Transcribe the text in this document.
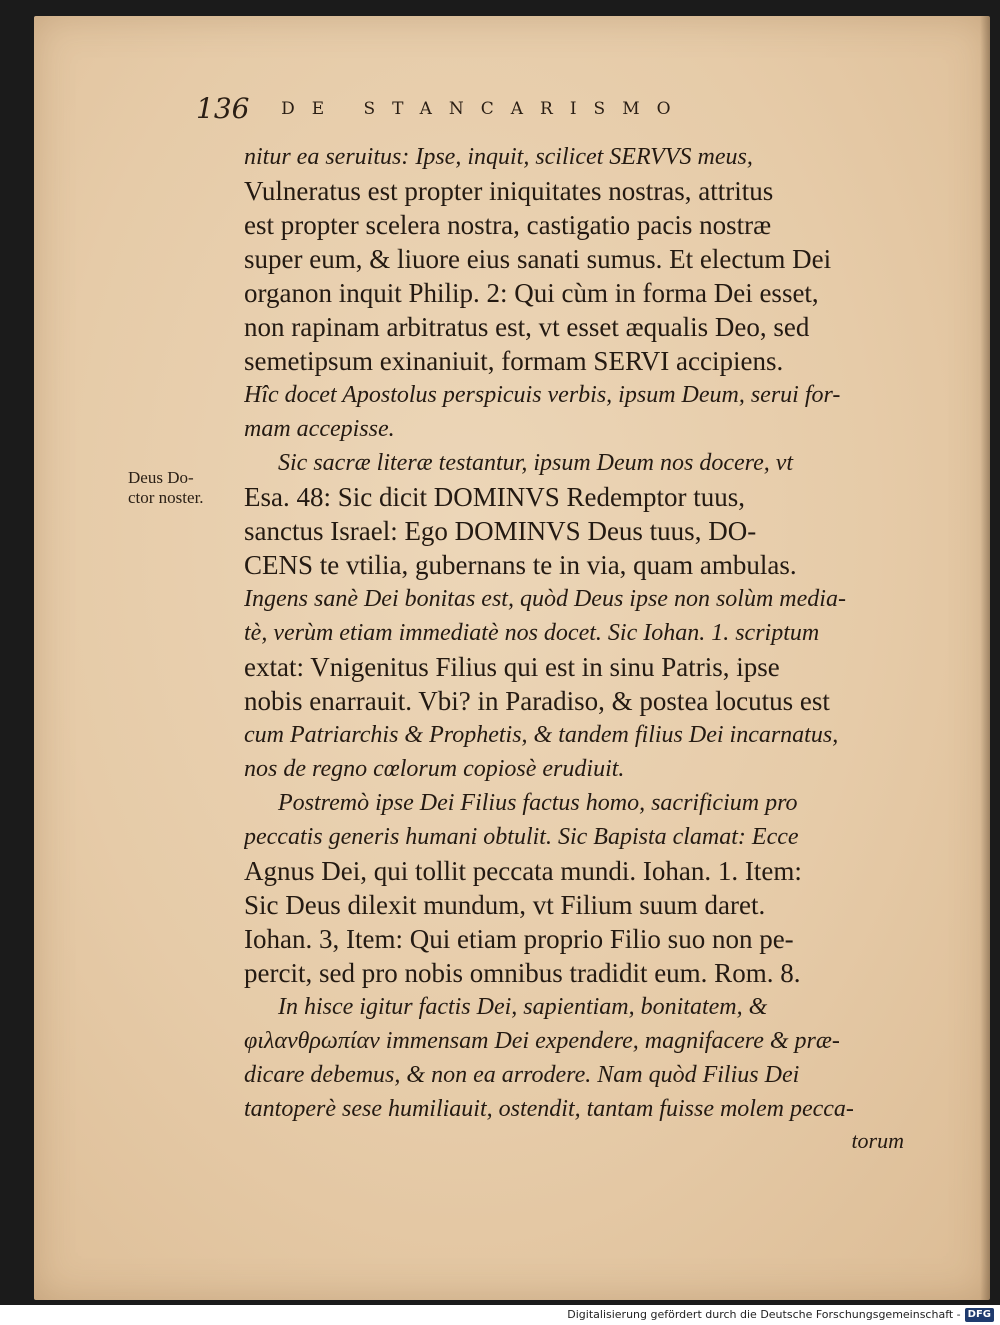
136 DE STANCARISMO
Deus Do-
ctor noster.
nitur ea seruitus: Ipse, inquit, scilicet SERVVS meus,
Vulneratus est propter iniquitates nostras, attritus
est propter scelera nostra, castigatio pacis nostræ
super eum, & liuore eius sanati sumus. Et electum Dei
organon inquit Philip. 2: Qui cùm in forma Dei esset,
non rapinam arbitratus est, vt esset æqualis Deo, sed
semetipsum exinaniuit, formam SERVI accipiens.
Hîc docet Apostolus perspicuis verbis, ipsum Deum, serui for-
mam accepisse.
Sic sacræ literæ testantur, ipsum Deum nos docere, vt
Esa. 48: Sic dicit DOMINVS Redemptor tuus,
sanctus Israel: Ego DOMINVS Deus tuus, DO-
CENS te vtilia, gubernans te in via, quam ambulas.
Ingens sanè Dei bonitas est, quòd Deus ipse non solùm media-
tè, verùm etiam immediatè nos docet. Sic Iohan. 1. scriptum
extat: Vnigenitus Filius qui est in sinu Patris, ipse
nobis enarrauit. Vbi? in Paradiso, & postea locutus est
cum Patriarchis & Prophetis, & tandem filius Dei incarnatus,
nos de regno cœlorum copiosè erudiuit.
Postremò ipse Dei Filius factus homo, sacrificium pro
peccatis generis humani obtulit. Sic Bapista clamat: Ecce
Agnus Dei, qui tollit peccata mundi. Iohan. 1. Item:
Sic Deus dilexit mundum, vt Filium suum daret.
Iohan. 3, Item: Qui etiam proprio Filio suo non pe-
percit, sed pro nobis omnibus tradidit eum. Rom. 8.
In hisce igitur factis Dei, sapientiam, bonitatem, &
φιλανθρωπίαν immensam Dei expendere, magnifacere & præ-
dicare debemus, & non ea arrodere. Nam quòd Filius Dei
tantoperè sese humiliauit, ostendit, tantam fuisse molem pecca-
torum
Digitalisierung gefördert durch die Deutsche Forschungsgemeinschaft - DFG
